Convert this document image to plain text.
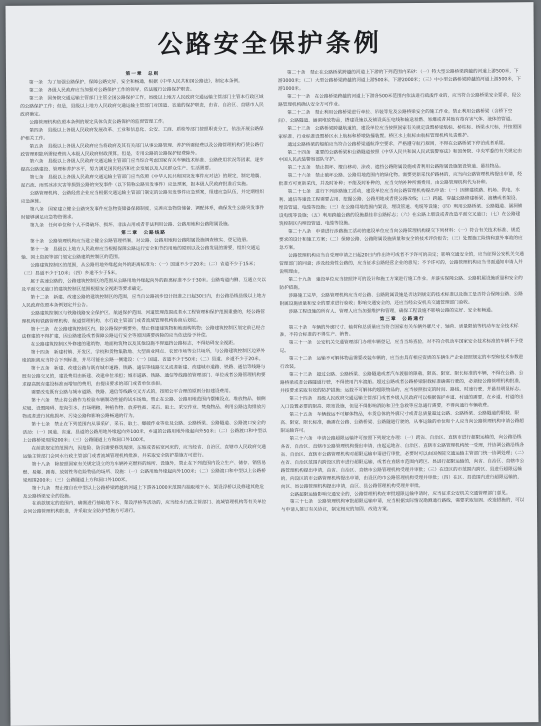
公路安全保护条例
第一章　总则
第一条　为了加强公路保护，保障公路完好、安全和畅通，根据《中华人民共和国公路法》，制定本条例。
第二条　各级人民政府应当加强对公路保护工作的领导，依法履行公路保护职责。
第三条　国务院交通运输主管部门主管全国公路保护工作。县级以上地方人民政府交通运输主管部门主管本行政区域的公路保护工作；但是，县级以上地方人民政府交通运输主管部门对国道、省道的保护职责，由省、自治区、直辖市人民政府确定。
公路管理机构依照本条例的规定具体负责公路保护的监督管理工作。
第四条　县级以上各级人民政府发展改革、工业和信息化、公安、工商、质检等部门按照职责分工，依法开展公路保护相关工作。
第五条　县级以上各级人民政府应当将政府及其有关部门从事公路管理、养护所需经费以及公路管理机构行使公路行政管理职能所需经费纳入本级人民政府财政预算。但是，专用公路的公路保护经费除外。
第六条　县级以上各级人民政府交通运输主管部门应当综合考虑国家有关车辆技术标准、公路使用状况等因素，逐步提高公路建设、管理和养护水平，努力满足国民经济和社会发展以及人民群众生产、生活需要。
第七条　县级以上各级人民政府交通运输主管部门应当依照《中华人民共和国突发事件应对法》的规定，制定地震、泥石流、雨雪冰冻灾害等损毁公路的突发事件（以下简称公路突发事件）应急预案，报本级人民政府批准后实施。
公路管理机构、公路经营企业应当根据交通运输主管部门制定的公路突发事件应急预案，组建应急队伍，并定期组织应急演练。
第八条　国家建立健全公路突发事件应急物资储备保障制度，完善应急物资储备、调配体系，确保发生公路突发事件时能够满足应急物资需求。
第九条　任何单位和个人不得破坏、损坏、非法占用或者非法利用公路、公路用地和公路附属设施。
第二章　公路线路
第十条　公路管理机构应当建立健全公路管理档案，对公路、公路用地和公路附属设施调查核实、登记造册。
第十一条　县级以上地方人民政府应当根据保障公路运行安全和节约用地的原则以及公路发展的需要，组织交通运输、国土资源等部门划定公路建筑控制区的范围。
公路建筑控制区的范围，从公路用地外缘起向外的距离标准为：（一）国道不少于20米；（二）省道不少于15米；（三）县道不少于10米；（四）乡道不少于5米。
属于高速公路的，公路建筑控制区的范围从公路用地外缘起向外的距离标准不少于30米。公路弯道内侧、互通立交以及平面交叉道口的建筑控制区范围根据安全视距等要求确定。
第十二条　新建、改建公路的建筑控制区的范围，应当自公路初步设计批准之日起30日内，由公路沿线县级以上地方人民政府依照本条例划定并公告。
公路建筑控制区与铁路线路安全保护区、航道保护范围、河道管理范围或者水工程管理和保护范围重叠的，经公路管理机构和铁路管理机构、航道管理机构、水行政主管部门或者流域管理机构协商后划定。
第十三条　在公路建筑控制区内，除公路保护需要外，禁止修建建筑物和地面构筑物；公路建筑控制区划定前已经合法修建的不得扩建，因公路建设或者保障公路运行安全等原因需要拆除的应当依法给予补偿。
在公路建筑控制区外修建的建筑物、地面构筑物以及其他设施不得遮挡公路标志，不得妨碍安全视距。
第十四条　新建村镇、开发区、学校和货物集散地、大型商业网点、农贸市场等公共场所，与公路建筑控制区边界外缘的距离应当符合下列标准，并尽可能在公路一侧建设：（一）国道、省道不少于50米；（二）县道、乡道不少于20米。
第十五条　新建、改建公路与既有城市道路、铁路、通信等线路交叉或者新建、改建城市道路、铁路、通信等线路与既有公路交叉的，建设费用由新建、改建单位承担；城市道路、铁路、通信等线路的管理部门、单位或者公路管理机构要求提高既有建设标准而增加的费用，由提出要求的部门或者单位承担。
需要改变既有公路与城市道路、铁路、通信等线路交叉方式的，按照公平合理的原则分担建设费用。
第十六条　禁止将公路作为检验车辆制动性能的试车场地。禁止在公路、公路用地范围内摆摊设点、堆放物品、倾倒垃圾、设置障碍、挖沟引水、打场晒粮、种植作物、放养牲畜、采石、取土、采空作业、焚烧物品、利用公路边沟排放污物或者进行其他损坏、污染公路和影响公路畅通的行为。
第十七条　禁止在下列范围内从事采矿、采石、取土、爆破作业等危及公路、公路桥梁、公路隧道、公路渡口安全的活动：（一）国道、省道、县道的公路用地外缘起向外100米，乡道的公路用地外缘起向外50米；（二）公路渡口和中型以上公路桥梁周围200米；（三）公路隧道上方和洞口外100米。
在前款规定的范围内，因抢险、防汛需要修筑堤坝、压缩或者拓宽河床的，应当经省、自治区、直辖市人民政府交通运输主管部门会同水行政主管部门或者流域管理机构批准，并采取安全防护措施方可进行。
第十八条　除按照国家有关规定设立的为车辆补充燃料的场所、设施外，禁止在下列范围内设立生产、储存、销售易燃、易爆、剧毒、放射性等危险物品的场所、设施：（一）公路用地外缘起向外100米；（二）公路渡口和中型以上公路桥梁周围200米；（三）公路隧道上方和洞口外100米。
第十九条　禁止擅自在中型以上公路桥梁跨越的河道上下游各1000米范围内抽取地下水、架设浮桥以及修建其他危及公路桥梁安全的设施。
在前款规定的范围内，确需进行抽取地下水、架设浮桥等活动的，应当经水行政主管部门、流域管理机构等有关单位会同公路管理机构批准，并采取安全防护措施方可进行。
第二十条　禁止在公路桥梁跨越的河道上下游的下列范围内采砂：（一）特大型公路桥梁跨越的河道上游500米，下游3000米；（二）大型公路桥梁跨越的河道上游500米，下游2000米；（三）中小型公路桥梁跨越的河道上游500米，下游1000米。
第二十一条　在公路桥梁跨越的河道上下游各500米范围内依法进行疏浚作业的，应当符合公路桥梁安全要求，经公路管理机构确认安全方可作业。
第二十二条　禁止利用公路桥梁进行牵拉、吊装等危及公路桥梁安全的施工作业。禁止利用公路桥梁（含桥下空间）、公路隧道、涵洞堆放物品，搭建设施以及铺设高压电线和输送易燃、易爆或者其他有毒有害气体、液体的管道。
第二十三条　公路桥梁跨越航道的，建设单位应当按照国家有关规定设置桥梁航标、桥柱标、桥梁水尺标，并按照国家标准、行业标准设置桥区水上航标和桥墩防撞装置。桥区水上航标由航标管理机构负责维护。
通过公路桥梁的船舶应当符合公路桥梁通航净空要求，严格遵守航行规则，不得在公路桥梁下停泊或者系缆。
第二十四条　重要的公路桥梁和公路隧道按照《中华人民共和国人民武装警察法》和国务院、中央军委的有关规定由中国人民武装警察部队守护。
第二十五条　禁止损坏、擅自移动、涂改、遮挡公路附属设施或者利用公路附属设施架设管道、悬挂物品。
第二十六条　禁止破坏公路、公路用地范围内的绿化物。需要更新采伐护路林的，应当向公路管理机构提出申请，经批准方可更新采伐，并及时补种；不能及时补种的，应当交纳补种所需费用，由公路管理机构代为补种。
第二十七条　进行下列涉路施工活动，建设单位应当向公路管理机构提出申请：（一）因修建铁路、机场、供电、水利、通信等建设工程需要占用、挖掘公路、公路用地或者使公路改线；（二）跨越、穿越公路修建桥梁、渡槽或者架设、埋设管道、电缆等设施；（三）在公路用地范围内架设、埋设管道、电缆等设施；（四）利用公路桥梁、公路隧道、涵洞铺设电缆等设施；（五）利用跨越公路的设施悬挂非公路标志；（六）在公路上增设或者改造平面交叉道口；（七）在公路建筑控制区内埋设管道、电缆等设施。
第二十八条　申请进行涉路施工活动的建设单位应当向公路管理机构提交下列材料：（一）符合有关技术标准、规范要求的设计和施工方案；（二）保障公路、公路附属设施质量和安全的技术评价报告；（三）处置施工险情和意外事故的应急方案。
公路管理机构应当自受理申请之日起20日内作出许可或者不予许可的决定；影响交通安全的，应当征得公安机关交通管理部门的同意；涉及经营性公路的，应当征求公路经营企业的意见；不予许可的，公路管理机构应当书面通知申请人并说明理由。
第二十九条　建设单位应当按照许可的设计和施工方案进行施工作业，并落实保障公路、公路附属设施质量和安全的防护措施。
涉路施工完毕，公路管理机构应当对公路、公路附属设施是否达到规定的技术标准以及施工是否符合保障公路、公路附属设施质量和安全的要求进行验收；影响交通安全的，还应当经公安机关交通管理部门验收。
涉路工程设施的所有人、管理人应当加强维护和管理，确保工程设施不影响公路的完好、安全和畅通。
第三章　公路通行
第三十条　车辆的外廓尺寸、轴荷和总质量应当符合国家有关车辆外廓尺寸、轴荷、质量限值等机动车安全技术标准，不符合标准的不得生产、销售。
第三十一条　公安机关交通管理部门办理车辆登记，应当当场查验，对不符合机动车国家安全技术标准的车辆不予登记。
第三十二条　运输不可解体物品需要改装车辆的，应当由具有相应资质的车辆生产企业按照规定的车型和技术参数进行改装。
第三十三条　超过公路、公路桥梁、公路隧道或者汽车渡船的限载、限高、限宽、限长标准的车辆，不得在公路、公路桥梁或者公路隧道行驶，不得使用汽车渡船。超过公路或者公路桥梁限载标准确需行驶的，必须经公路管理机构批准，并按要求采取有效的防护措施；运载不可解体的超限物品的，应当按照指定的时间、路线、时速行驶，并悬挂明显标志。
第三十四条　县级人民政府交通运输主管部门或者乡级人民政府可以根据保护乡道、村道的需要，在乡道、村道的出入口设置必要的限高、限宽设施，但是不得影响消防和卫生急救等应急通行需要，不得向通行车辆收费。
第三十五条　车辆载运不可解体物品，车货总体的外廓尺寸或者总质量超过公路、公路桥梁、公路隧道的限载、限高、限宽、限长标准，确需在公路、公路桥梁、公路隧道行驶的，从事运输的单位和个人应当向公路管理机构申请公路超限运输许可。
第三十六条　申请公路超限运输许可按照下列规定办理：（一）跨省、自治区、直辖市进行超限运输的，向公路沿线各省、自治区、直辖市公路管理机构提出申请，由起运地省、自治区、直辖市公路管理机构统一受理，并协调公路沿线各省、自治区、直辖市公路管理机构对超限运输申请进行审批，必要时可以由国务院交通运输主管部门统一协调处理；（二）在省、自治区范围内跨设区的市进行超限运输，或者在直辖市范围内跨区、县进行超限运输的，向省、自治区、直辖市公路管理机构提出申请，由省、自治区、直辖市公路管理机构受理并审批；（三）在设区的市范围内跨区、县进行超限运输的，向设区的市公路管理机构提出申请，由设区的市公路管理机构受理并审批；（四）在区、县范围内进行超限运输的，向区、县公路管理机构提出申请，由区、县公路管理机构受理并审批。
公路超限运输影响交通安全的，公路管理机构在审批超限运输申请时，应当征求公安机关交通管理部门意见。
第三十七条　公路管理机构审批超限运输申请，应当根据实际情况勘测通行路线，需要采取加固、改造措施的，可以与申请人签订有关协议，制定相应的加固、改造方案。
